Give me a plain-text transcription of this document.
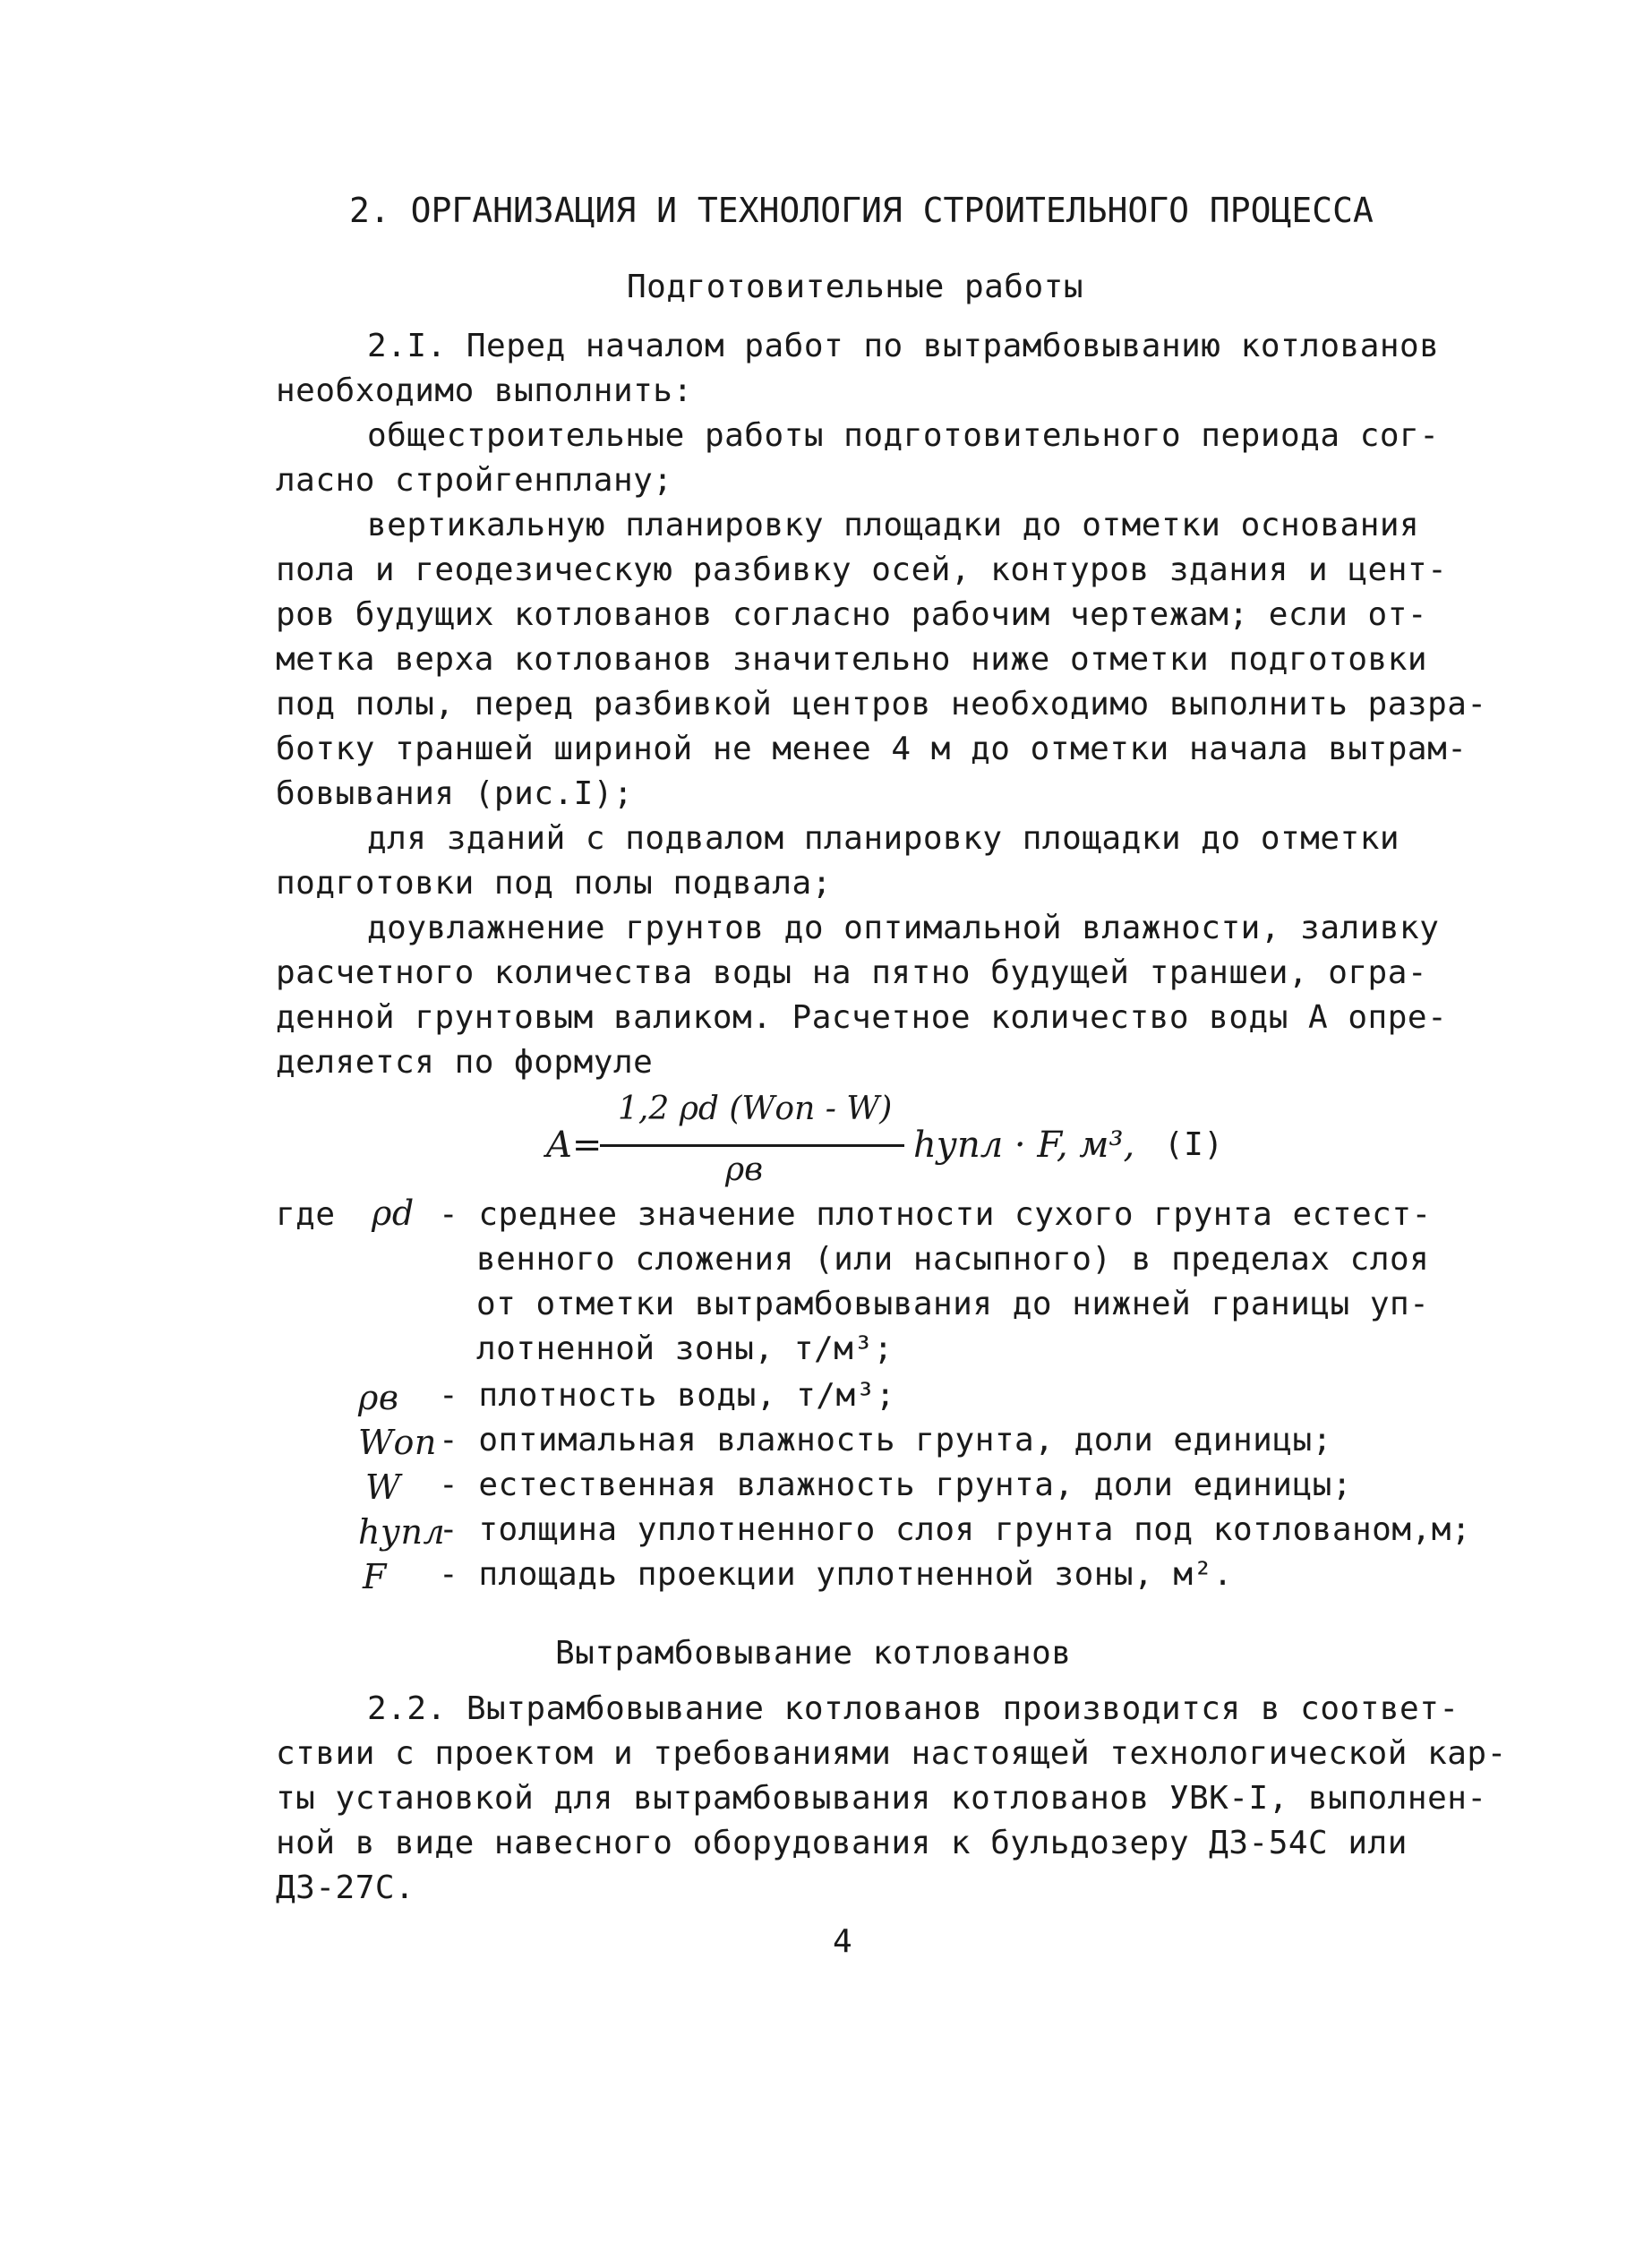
2. ОРГАНИЗАЦИЯ И ТЕХНОЛОГИЯ СТРОИТЕЛЬНОГО ПРОЦЕССА
Подготовительные работы
2.I. Перед началом работ по вытрамбовыванию котлованов
необходимо выполнить:
общестроительные работы подготовительного периода сог-
ласно стройгенплану;
вертикальную планировку площадки до отметки основания
пола и геодезическую разбивку осей, контуров здания и цент-
ров будущих котлованов согласно рабочим чертежам; если от-
метка верха котлованов значительно ниже отметки подготовки
под полы, перед разбивкой центров необходимо выполнить разра-
ботку траншей шириной не менее 4 м до отметки начала вытрам-
бовывания (рис.I);
для зданий с подвалом планировку площадки до отметки
подготовки под полы подвала;
доувлажнение грунтов до оптимальной влажности, заливку
расчетного количества воды на пятно будущей траншеи, огра-
денной грунтовым валиком. Расчетное количество воды А опре-
деляется по формуле
A=
1,2 ρd (Wоп - W)
ρв
hупл · F, м³, (I)
где ρd - среднее значение плотности сухого грунта естест-
венного сложения (или насыпного) в пределах слоя
от отметки вытрамбовывания до нижней границы уп-
лотненной зоны, т/м³;
ρв - плотность воды, т/м³;
Wоп - оптимальная влажность грунта, доли единицы;
W - естественная влажность грунта, доли единицы;
hупл
- толщина уплотненного слоя грунта под котлованом,м;
F - площадь проекции уплотненной зоны, м².
Вытрамбовывание котлованов
2.2. Вытрамбовывание котлованов производится в соответ-
ствии с проектом и требованиями настоящей технологической кар-
ты установкой для вытрамбовывания котлованов УВК-I, выполнен-
ной в виде навесного оборудования к бульдозеру ДЗ-54С или
ДЗ-27С.
4
